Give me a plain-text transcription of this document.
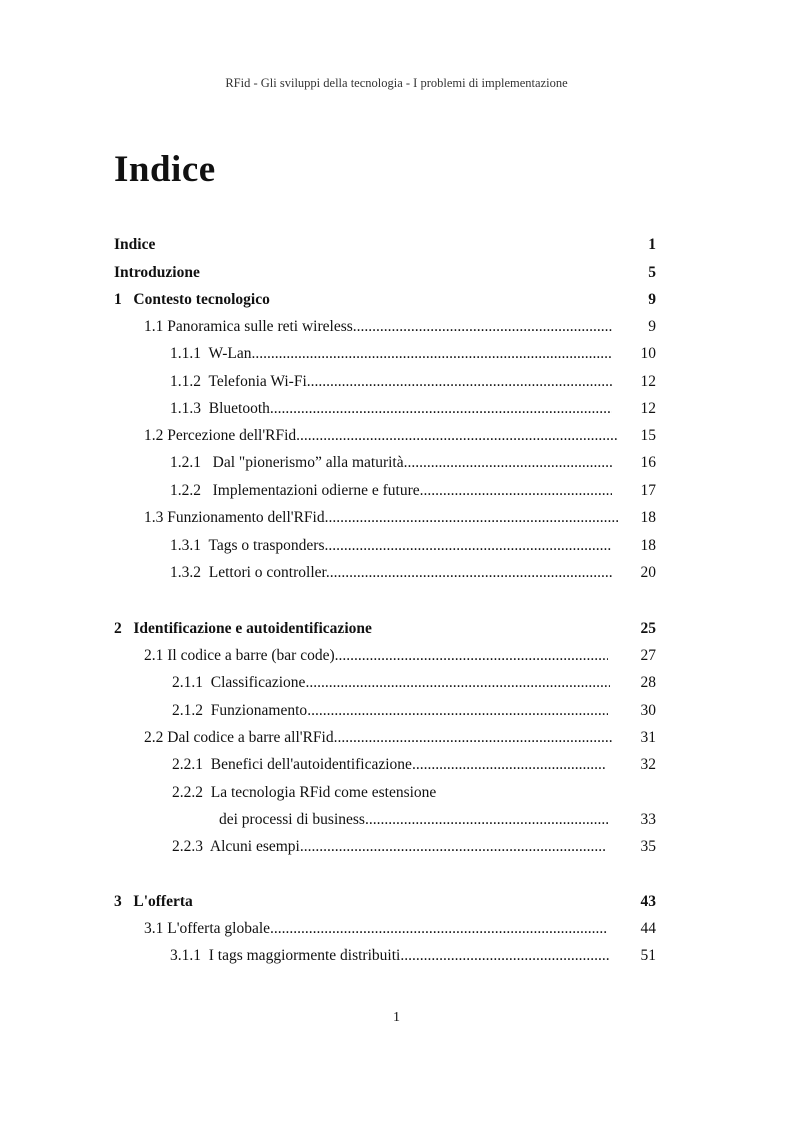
RFid - Gli sviluppi della tecnologia - I problemi di implementazione
Indice
Indice	1
Introduzione	5
1   Contesto tecnologico	9
1.1 Panoramica sulle reti wireless .....	9
1.1.1  W-Lan .....	10
1.1.2  Telefonia Wi-Fi .....	12
1.1.3  Bluetooth .....	12
1.2 Percezione dell'RFid .....	15
1.2.1   Dal "pionerismo” alla maturità .....	16
1.2.2   Implementazioni odierne e future .....	17
1.3 Funzionamento dell'RFid .....	18
1.3.1  Tags o trasponders .....	18
1.3.2  Lettori o controller .....	20
2   Identificazione e autoidentificazione	25
2.1 Il codice a barre (bar code) .....	27
2.1.1  Classificazione .....	28
2.1.2  Funzionamento .....	30
2.2 Dal codice a barre all'RFid .....	31
2.2.1  Benefici dell'autoidentificazione .....	32
2.2.2  La tecnologia RFid come estensione
dei processi di business .....	33
2.2.3  Alcuni esempi .....	35
3   L'offerta	43
3.1 L'offerta globale .....	44
3.1.1  I tags maggiormente distribuiti .....	51
1
